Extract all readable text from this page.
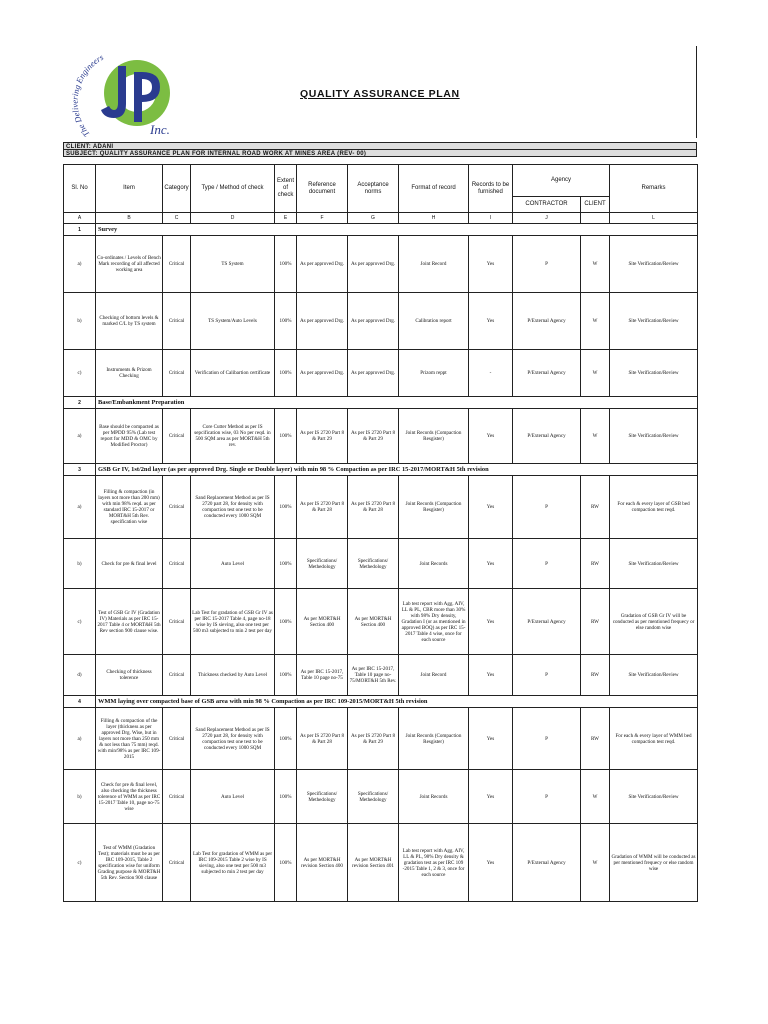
The Delivering Engineers
Inc.
QUALITY ASSURANCE PLAN
CLIENT: ADANI
SUBJECT: QUALITY ASSURANCE PLAN FOR INTERNAL ROAD WORK AT MINES AREA (REV- 00)
Sl. No	Item	Category	Type / Method of check	Extent of check	Reference document	Acceptance norms	Format of record	Records to be furnished	Agency		Remarks
									CONTRACTOR	CLIENT	
A	B	C	D	E	F	G	H	I	J		L
1	Survey										
a)	Co-ordinates / Levels of Bench Mark recording of all affected working area	Critical	TS System	100%	As per approved Drg.	As per approved Drg.	Joint Record	Yes	P	W	Site Verification/Review
b)	Checking of bottom levels & marked C/L by TS system	Critical	TS System/Auto Levels	100%	As per approved Drg.	As per approved Drg.	Calibration report	Yes	P/External Agency	W	Site Verification/Review
c)	Instruments & Prizom Checking	Critical	Verification of Calibartion certificate	100%	As per approved Drg.	As per approved Drg.	Prizom reppt	-	P/External Agency	W	Site Verification/Review
2	Base/Embankment Preparation										
a)	Base should be compacted as per MPDD 95% (Lab test report for MDD & OMC by Modified Proctor)	Critical	Core Cutter Method as per IS sepcification wise, 03 No per reqd. in 500 SQM area as per MORT&H 5th rev.	100%	As per IS 2720 Part 8 & Part 29	As per IS 2720 Part 8 & Part 29	Joint Records (Compaction Resgister)	Yes	P/External Agency	W	Site Verification/Review
3	GSB Gr IV, 1st/2nd layer (as per approved Drg. Single or Double layer) with min 98 % Compaction as per IRC 15-2017/MORT&H 5th revision										
a)	Filling & compaction (in layers not more than 200 mm) with min 98% reqd. as per standard IRC 15-2017 or MORT&H 5th Rev. specification wise	Critical	Sand Replacement Method as per IS 2720 part 28, for density with compaction test one test to be conducted every 1000 SQM	100%	As per IS 2720 Part 8 & Part 28	As per IS 2720 Part 8 & Part 28	Joint Records (Compaction Resgister)	Yes	P	RW	For each & every layer of GSB bed compaction test reqd.
b)	Check for pre & final level	Critical	Auto Level	100%	Specifications/ Methedology	Specifications/ Methedology	Joint Records	Yes	P	RW	Site Verification/Review
c)	Test of GSB Gr IV (Gradation IV) Materials as per IRC 15-2017 Table 4 or MORT&H 5th Rev section 900 clause wise.	Critical	Lab Test for gradation of GSB Gr IV as per IRC 15-2017 Table 4, page no-18 wise by IS sieving, also one test per 500 m3 subjected to min 2 test per day	100%	As per MORT&H Section 400	As per MORT&H Section 400	Lab test report with Agg. AIV, LL & PL, CBR more than 30% with 98% Dry density, Gradation I (or as mentioned in approved BOQ) as per IRC 15-2017 Table 4 wise, once for each source	Yes	P/External Agency	RW	Gradation of GSB Gr IV will be conducted as per mentioned frequecy or else random wise
d)	Checking of thickness tolerence	Critical	Thickness checked by Auto Level	100%	As per IRC 15-2017, Table 10 page no-75	As per IRC 15-2017, Table 10 page no-75/MORT&H 5th Rev.	Joint Record	Yes	P	RW	Site Verification/Review
4	WMM laying over compacted base of GSB area with min 98 % Compaction as per IRC 109-2015/MORT&H 5th revision										
a)	Filling & compaction of the layer (thickness as per approved Drg. Wise, but in layers not more than 250 mm & not less than 75 mm) reqd. with min/98% as per IRC 109-2015	Critical	Sand Replacement Method as per IS 2720 part 28, for density with compaction test one test to be conducted every 1000 SQM	100%	As per IS 2720 Part 8 & Part 28	As per IS 2720 Part 8 & Part 29	Joint Records (Compaction Resgister)	Yes	P	RW	For each & every layer of WMM bed compaction test reqd.
b)	Check for pre & final level, also checking the thickness tolerence of WMM as per IRC 15-2017 Table 10, page no-75 wise	Critical	Auto Level	100%	Specifications/ Methedology	Specifications/ Methedology	Joint Records	Yes	P	W	Site Verification/Review
c)	Test of WMM (Gradation Test); materials must be as per IRC 109-2015, Table 2 specification wise for uniform Grading purpose & MORT&H 5th Rev. Section 900 clause	Critical	Lab Test for gradation of WMM as per IRC 109-2015 Table 2 wise by IS sieving, also one test per 500 m3 subjected to min 2 test per day	100%	As per MORT&H revision Section 400	As per MORT&H revision Section 401	Lab test report with Agg. AIV, LL & PL, 98% Dry density & gradation test as per IRC 109 -2015 Table 1, 2 & 3, once for each source	Yes	P/External Agency	W	Gradation of WMM will be conducted as per mentioned frequecy or else random wise
